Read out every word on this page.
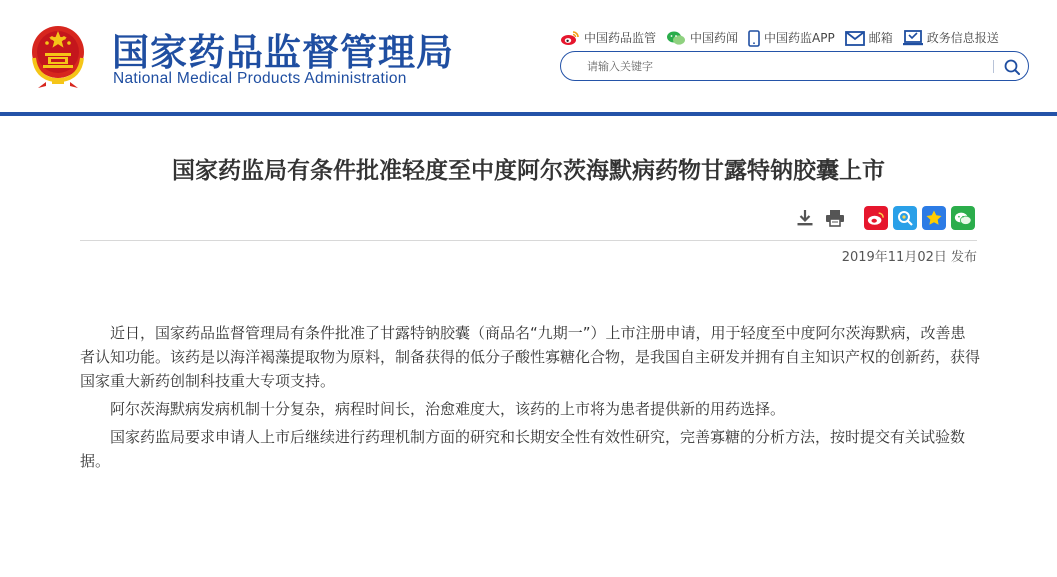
国家药品监督管理局
National Medical Products Administration
中国药品监管	中国药闻 中国药监APP	邮箱	政务信息报送
请输入关键字
国家药监局有条件批准轻度至中度阿尔茨海默病药物甘露特钠胶囊上市
2019年11月02日 发布

近日，国家药品监督管理局有条件批准了甘露特钠胶囊（商品名“九期一”）上市注册申请，用于轻度至中度阿尔茨海默病，改善患者认知功能。该药是以海洋褐藻提取物为原料，制备获得的低分子酸性寡糖化合物，是我国自主研发并拥有自主知识产权的创新药，获得国家重大新药创制科技重大专项支持。

阿尔茨海默病发病机制十分复杂，病程时间长，治愈难度大，该药的上市将为患者提供新的用药选择。

国家药监局要求申请人上市后继续进行药理机制方面的研究和长期安全性有效性研究，完善寡糖的分析方法，按时提交有关试验数据。
